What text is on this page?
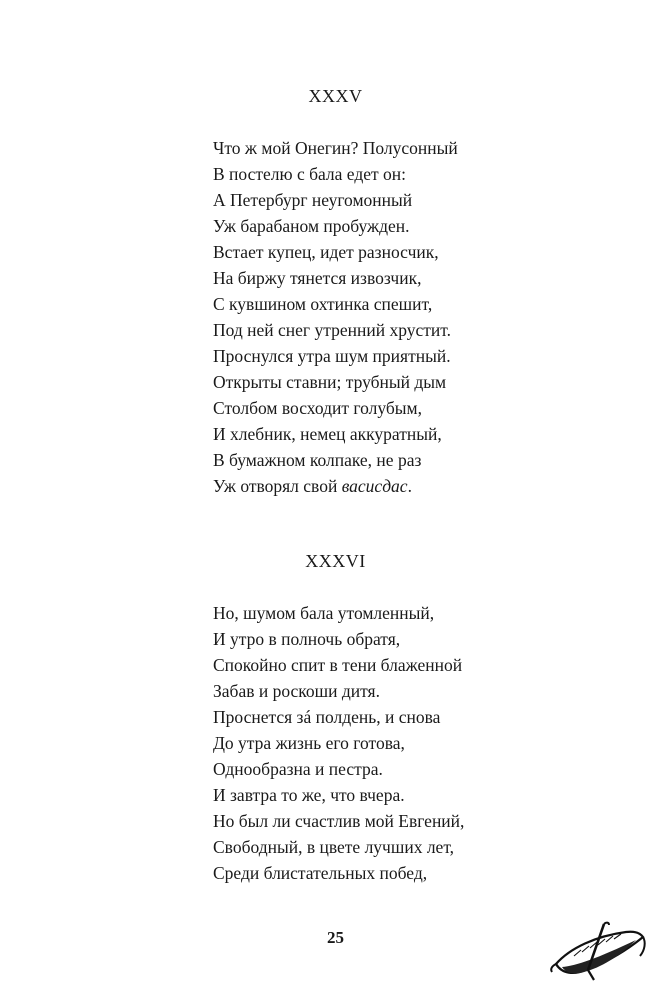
XXXV
Что ж мой Онегин? Полусонный
В постелю с бала едет он:
А Петербург неугомонный
Уж барабаном пробужден.
Встает купец, идет разносчик,
На биржу тянется извозчик,
С кувшином охтинка спешит,
Под ней снег утренний хрустит.
Проснулся утра шум приятный.
Открыты ставни; трубный дым
Столбом восходит голубым,
И хлебник, немец аккуратный,
В бумажном колпаке, не раз
Уж отворял свой васисдас.
XXXVI
Но, шумом бала утомленный,
И утро в полночь обратя,
Спокойно спит в тени блаженной
Забав и роскоши дитя.
Проснется зá полдень, и снова
До утра жизнь его готова,
Однообразна и пестра.
И завтра то же, что вчера.
Но был ли счастлив мой Евгений,
Свободный, в цвете лучших лет,
Среди блистательных побед,
25
